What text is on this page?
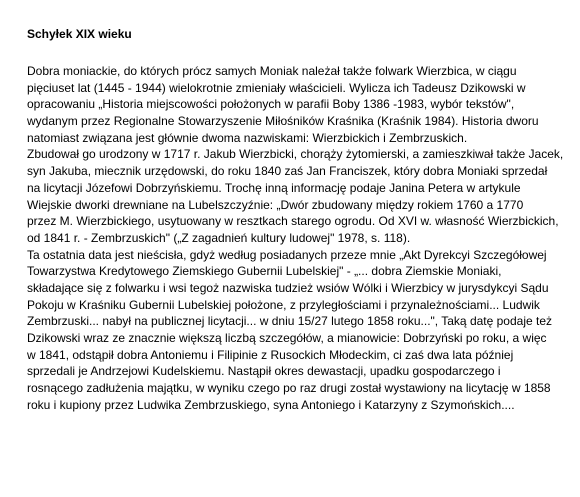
Schyłek XIX wieku
Dobra moniackie, do których prócz samych Moniak należał także folwark Wierzbica, w ciągu
pięciuset lat (1445 - 1944) wielokrotnie zmieniały właścicieli. Wylicza ich Tadeusz Dzikowski w
opracowaniu „Historia miejscowości położonych w parafii Boby 1386 -1983, wybór tekstów",
wydanym przez Regionalne Stowarzyszenie Miłośników Kraśnika (Kraśnik 1984). Historia dworu
natomiast związana jest głównie dwoma nazwiskami: Wierzbickich i Zembrzuskich.
Zbudował go urodzony w 1717 r. Jakub Wierzbicki, chorąży żytomierski, a zamieszkiwał także Jacek,
syn Jakuba, miecznik urzędowski, do roku 1840 zaś Jan Franciszek, który dobra Moniaki sprzedał
na licytacji Józefowi Dobrzyńskiemu. Trochę inną informację podaje Janina Petera w artykule
Wiejskie dworki drewniane na Lubelszczyźnie: „Dwór zbudowany między rokiem 1760 a 1770
przez M. Wierzbickiego, usytuowany w resztkach starego ogrodu. Od XVI w. własność Wierzbickich,
od 1841 r. - Zembrzuskich" („Z zagadnień kultury ludowej" 1978, s. 118).
Ta ostatnia data jest nieścisła, gdyż według posiadanych przeze mnie „Akt Dyrekcyi Szczegółowej
Towarzystwa Kredytowego Ziemskiego Gubernii Lubelskiej" - „... dobra Ziemskie Moniaki,
składające się z folwarku i wsi tegoż nazwiska tudzież wsiów Wólki i Wierzbicy w jurysdykcyi Sądu
Pokoju w Kraśniku Gubernii Lubelskiej położone, z przyległościami i przynależnościami... Ludwik
Zembrzuski... nabył na publicznej licytacji... w dniu 15/27 lutego 1858 roku...", Taką datę podaje też
Dzikowski wraz ze znacznie większą liczbą szczegółów, a mianowicie: Dobrzyński po roku, a więc
w 1841, odstąpił dobra Antoniemu i Filipinie z Rusockich Młodeckim, ci zaś dwa lata później
sprzedali je Andrzejowi Kudelskiemu. Nastąpił okres dewastacji, upadku gospodarczego i
rosnącego zadłużenia majątku, w wyniku czego po raz drugi został wystawiony na licytację w 1858
roku i kupiony przez Ludwika Zembrzuskiego, syna Antoniego i Katarzyny z Szymońskich....
